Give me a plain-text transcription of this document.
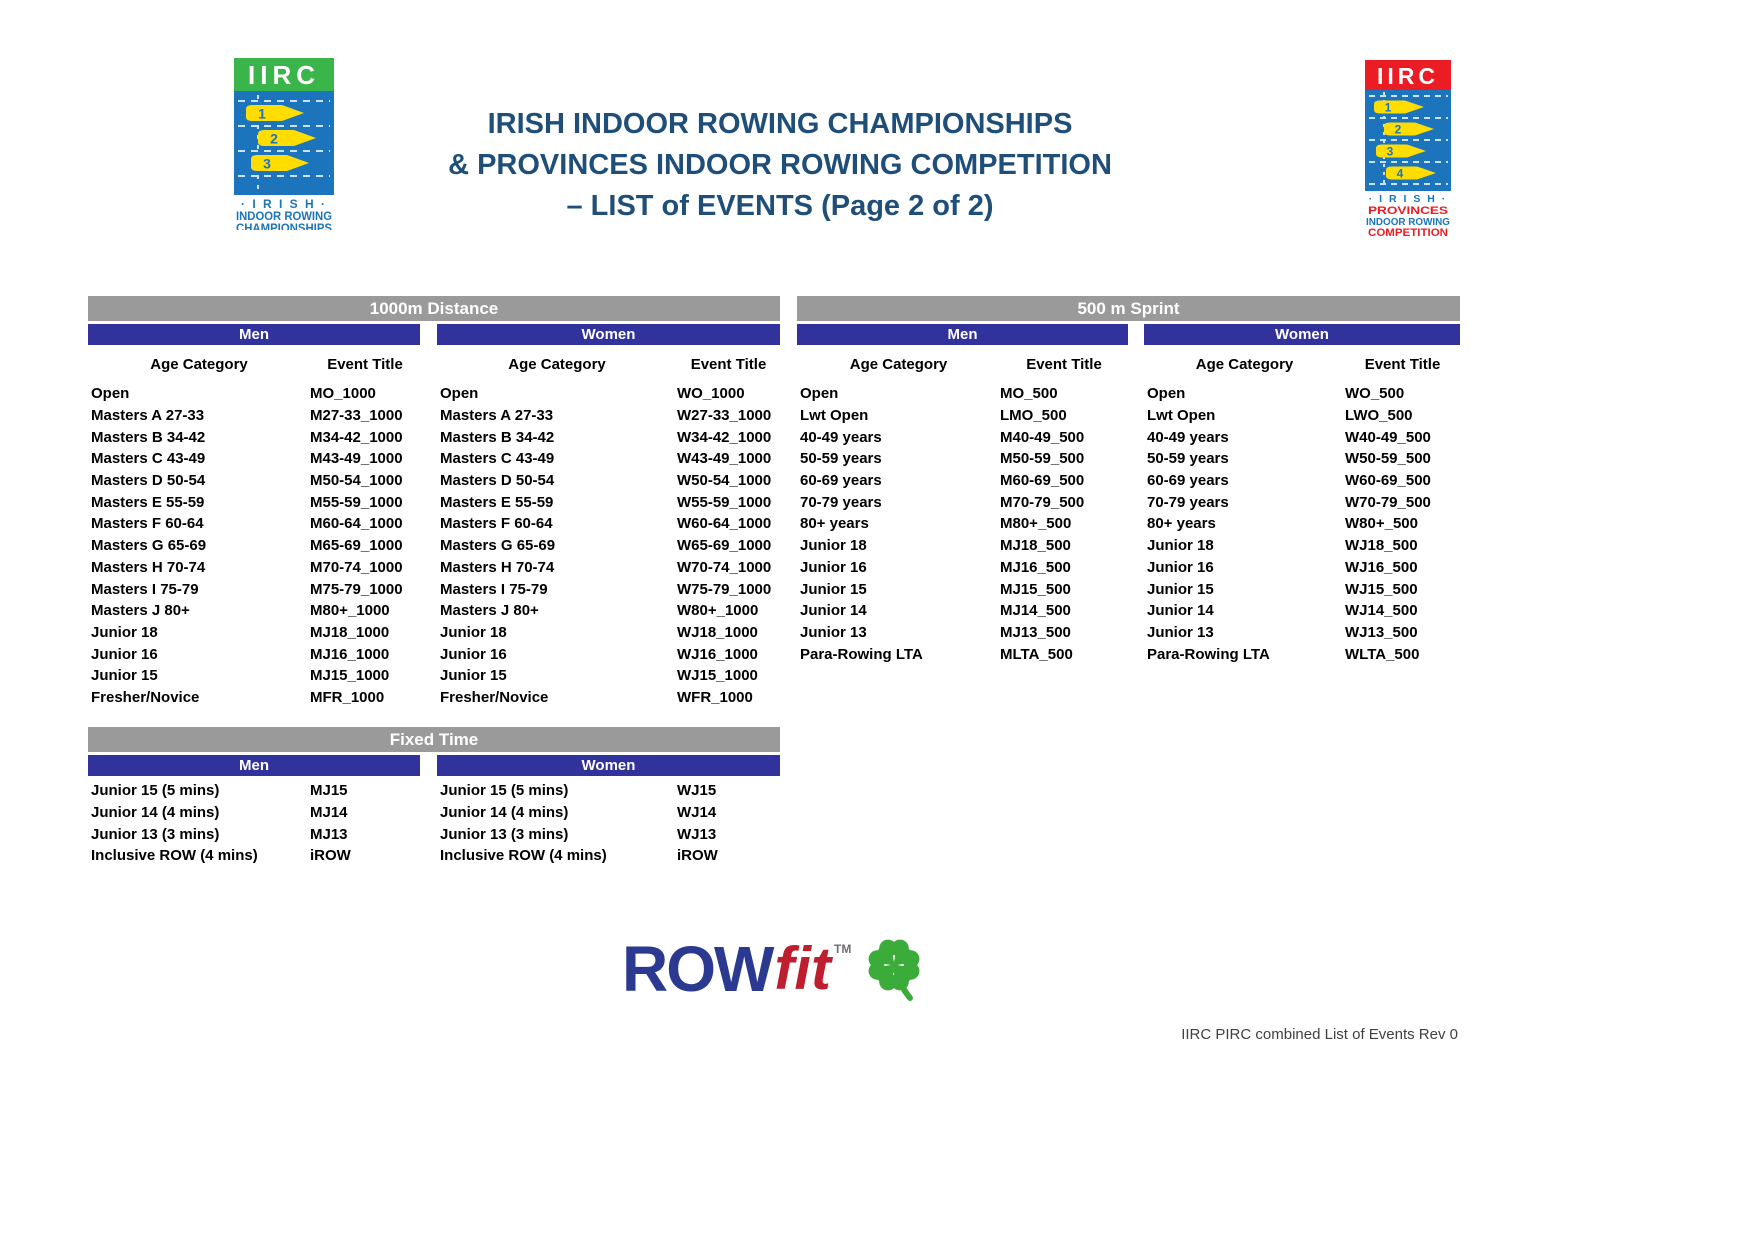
IIRC
1
2
3
· I R I S H ·
INDOOR ROWING
CHAMPIONSHIPS
IRISH INDOOR ROWING CHAMPIONSHIPS
& PROVINCES INDOOR ROWING COMPETITION
– LIST of EVENTS (Page 2 of 2)
IIRC
1
2
3
4
· I R I S H ·
PROVINCES
INDOOR ROWING
COMPETITION
1000m Distance
Men
Age Category	Event Title
Open	MO_1000
Masters A 27-33	M27-33_1000
Masters B 34-42	M34-42_1000
Masters C 43-49	M43-49_1000
Masters D 50-54	M50-54_1000
Masters E 55-59	M55-59_1000
Masters F 60-64	M60-64_1000
Masters G 65-69	M65-69_1000
Masters H 70-74	M70-74_1000
Masters I 75-79	M75-79_1000
Masters J 80+	M80+_1000
Junior 18	MJ18_1000
Junior 16	MJ16_1000
Junior 15	MJ15_1000
Fresher/Novice	MFR_1000
Women
Age Category	Event Title
Open	WO_1000
Masters A 27-33	W27-33_1000
Masters B 34-42	W34-42_1000
Masters C 43-49	W43-49_1000
Masters D 50-54	W50-54_1000
Masters E 55-59	W55-59_1000
Masters F 60-64	W60-64_1000
Masters G 65-69	W65-69_1000
Masters H 70-74	W70-74_1000
Masters I 75-79	W75-79_1000
Masters J 80+	W80+_1000
Junior 18	WJ18_1000
Junior 16	WJ16_1000
Junior 15	WJ15_1000
Fresher/Novice	WFR_1000
500 m Sprint
Men
Age Category	Event Title
Open	MO_500
Lwt Open	LMO_500
40-49 years	M40-49_500
50-59 years	M50-59_500
60-69 years	M60-69_500
70-79 years	M70-79_500
80+ years	M80+_500
Junior 18	MJ18_500
Junior 16	MJ16_500
Junior 15	MJ15_500
Junior 14	MJ14_500
Junior 13	MJ13_500
Para-Rowing LTA	MLTA_500
Women
Age Category	Event Title
Open	WO_500
Lwt Open	LWO_500
40-49 years	W40-49_500
50-59 years	W50-59_500
60-69 years	W60-69_500
70-79 years	W70-79_500
80+ years	W80+_500
Junior 18	WJ18_500
Junior 16	WJ16_500
Junior 15	WJ15_500
Junior 14	WJ14_500
Junior 13	WJ13_500
Para-Rowing LTA	WLTA_500
Fixed Time
Men
Junior 15 (5 mins)	MJ15
Junior 14 (4 mins)	MJ14
Junior 13 (3 mins)	MJ13
Inclusive ROW (4 mins)	iROW
Women
Junior 15 (5 mins)	WJ15
Junior 14 (4 mins)	WJ14
Junior 13 (3 mins)	WJ13
Inclusive ROW (4 mins)	iROW
ROW fit TM
IIRC PIRC combined List of Events Rev 0
